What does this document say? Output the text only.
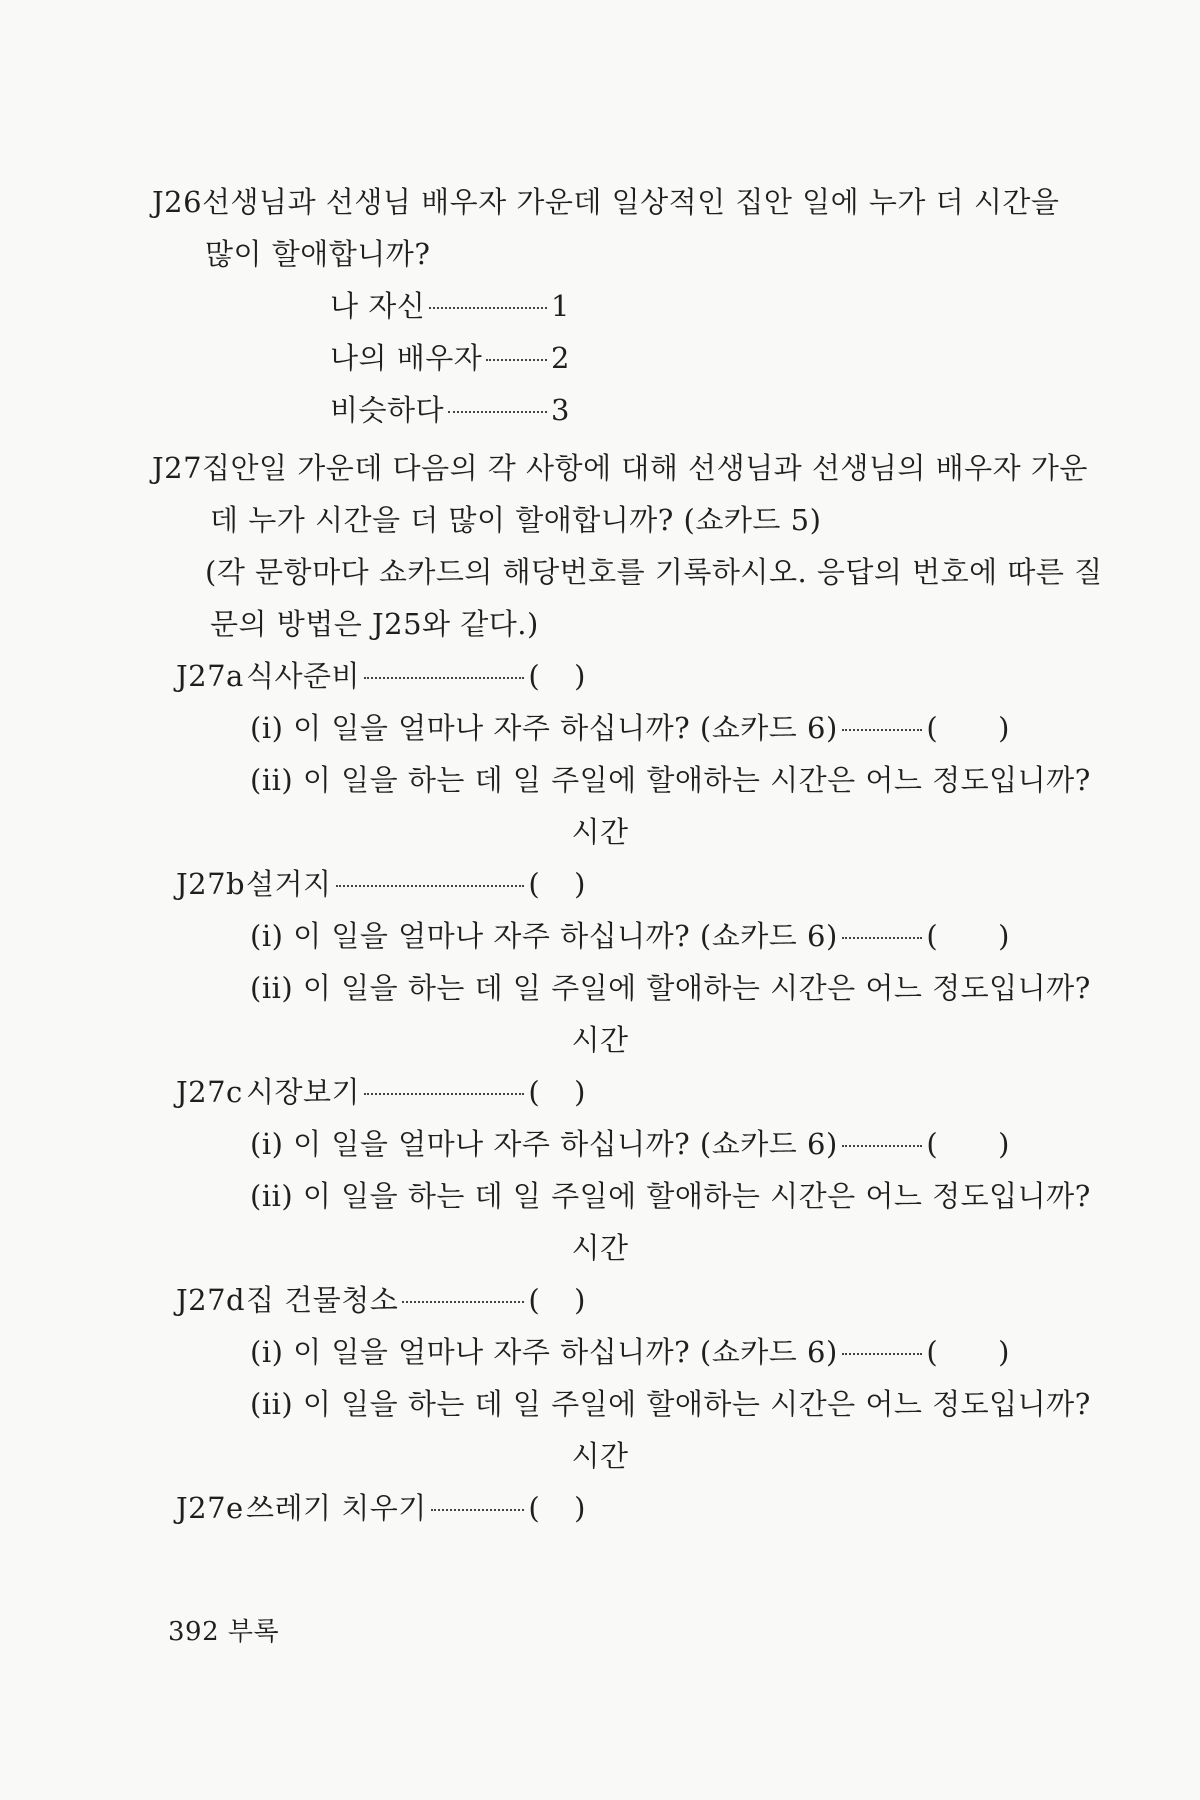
J26 선생님과 선생님 배우자 가운데 일상적인 집안 일에 누가 더 시간을
많이 할애합니까?
나 자신	1
나의 배우자 2
비슷하다	3
J27 집안일 가운데 다음의 각 사항에 대해 선생님과 선생님의 배우자 가운
데 누가 시간을 더 많이 할애합니까? (쇼카드 5)
(각 문항마다 쇼카드의 해당번호를 기록하시오. 응답의 번호에 따른 질
문의 방법은 J25와 같다.)
J27a 식사준비	( )
(i) 이 일을 얼마나 자주 하십니까? (쇼카드 6)	( )
(ii) 이 일을 하는 데 일 주일에 할애하는 시간은 어느 정도입니까?
시간
J27b 설거지	( )
(i) 이 일을 얼마나 자주 하십니까? (쇼카드 6)	( )
(ii) 이 일을 하는 데 일 주일에 할애하는 시간은 어느 정도입니까?
시간
J27c 시장보기	( )
(i) 이 일을 얼마나 자주 하십니까? (쇼카드 6)	( )
(ii) 이 일을 하는 데 일 주일에 할애하는 시간은 어느 정도입니까?
시간
J27d 집 건물청소	( )
(i) 이 일을 얼마나 자주 하십니까? (쇼카드 6)	( )
(ii) 이 일을 하는 데 일 주일에 할애하는 시간은 어느 정도입니까?
시간
J27e 쓰레기 치우기	( )
392 부록
